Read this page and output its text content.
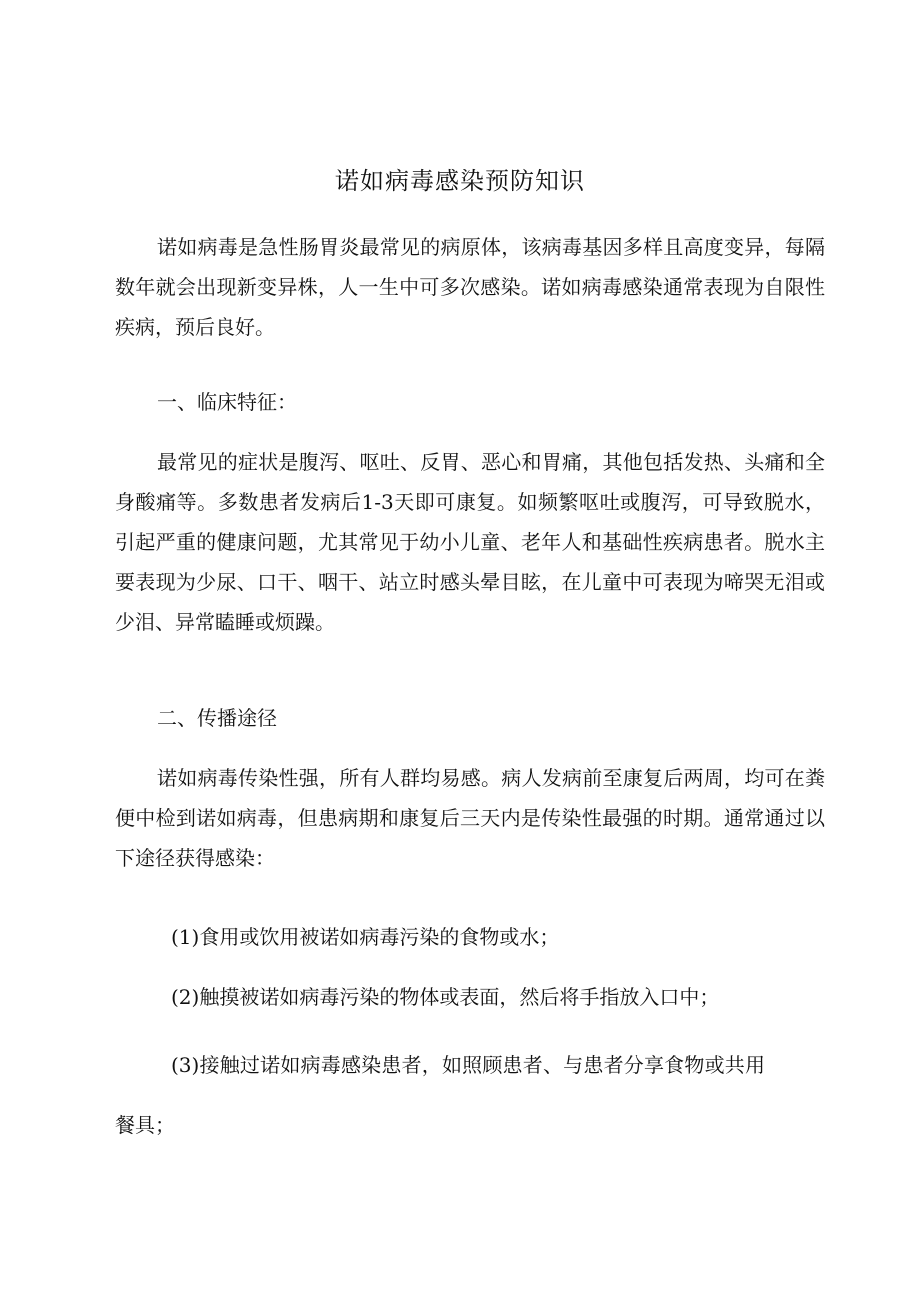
诺如病毒感染预防知识

诺如病毒是急性肠胃炎最常见的病原体，该病毒基因多样且高度变异，每隔数年就会出现新变异株，人一生中可多次感染。诺如病毒感染通常表现为自限性疾病，预后良好。

一、临床特征：

最常见的症状是腹泻、呕吐、反胃、恶心和胃痛，其他包括发热、头痛和全身酸痛等。多数患者发病后1-3天即可康复。如频繁呕吐或腹泻，可导致脱水，引起严重的健康问题，尤其常见于幼小儿童、老年人和基础性疾病患者。脱水主要表现为少尿、口干、咽干、站立时感头晕目眩，在儿童中可表现为啼哭无泪或少泪、异常瞌睡或烦躁。

二、传播途径

诺如病毒传染性强，所有人群均易感。病人发病前至康复后两周，均可在粪便中检到诺如病毒，但患病期和康复后三天内是传染性最强的时期。通常通过以下途径获得感染：

(1)食用或饮用被诺如病毒污染的食物或水；

(2)触摸被诺如病毒污染的物体或表面，然后将手指放入口中；

(3)接触过诺如病毒感染患者，如照顾患者、与患者分享食物或共用餐具；
